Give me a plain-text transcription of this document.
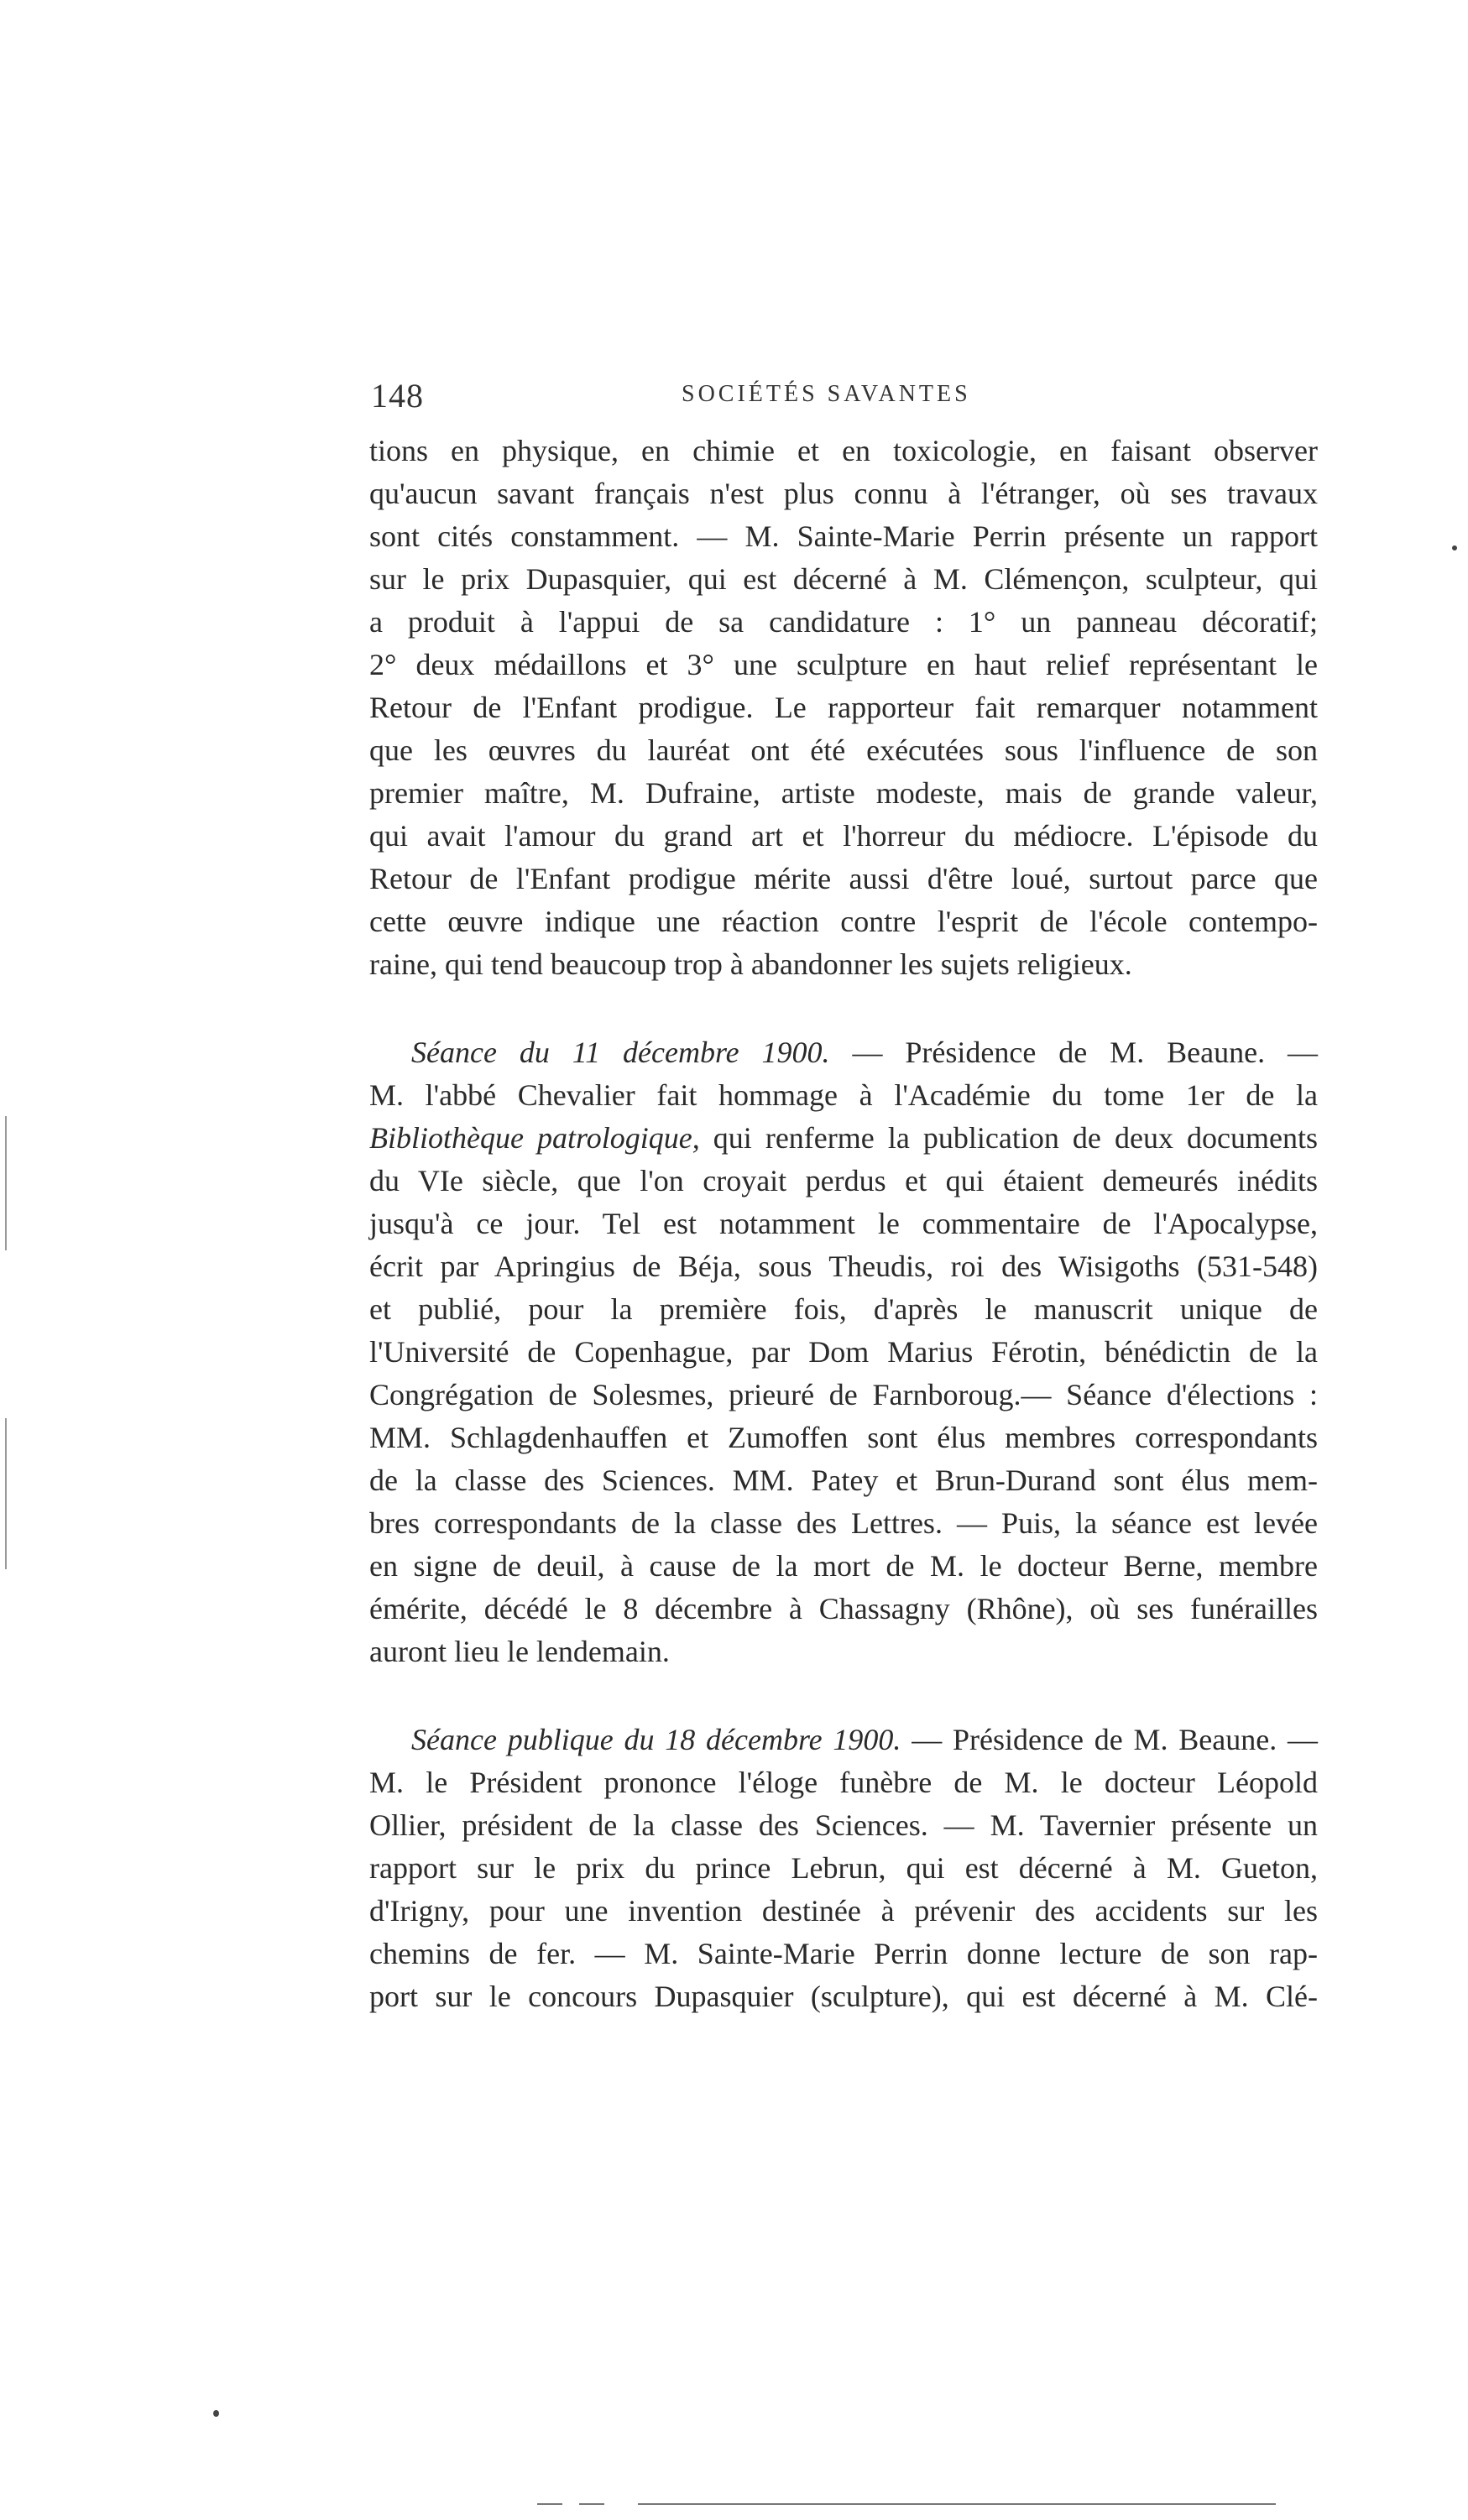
148	SOCIÉTÉS SAVANTES
tions en physique, en chimie et en toxicologie, en faisant observer
qu'aucun savant français n'est plus connu à l'étranger, où ses travaux
sont cités constamment. — M. Sainte-Marie Perrin présente un rapport
sur le prix Dupasquier, qui est décerné à M. Clémençon, sculpteur, qui
a produit à l'appui de sa candidature : 1° un panneau décoratif;
2° deux médaillons et 3° une sculpture en haut relief représentant le
Retour de l'Enfant prodigue. Le rapporteur fait remarquer notamment
que les œuvres du lauréat ont été exécutées sous l'influence de son
premier maître, M. Dufraine, artiste modeste, mais de grande valeur,
qui avait l'amour du grand art et l'horreur du médiocre. L'épisode du
Retour de l'Enfant prodigue mérite aussi d'être loué, surtout parce que
cette œuvre indique une réaction contre l'esprit de l'école contempo-
raine, qui tend beaucoup trop à abandonner les sujets religieux.
Séance du 11 décembre 1900. — Présidence de M. Beaune. —
M. l'abbé Chevalier fait hommage à l'Académie du tome 1er de la
Bibliothèque patrologique, qui renferme la publication de deux documents
du VIe siècle, que l'on croyait perdus et qui étaient demeurés inédits
jusqu'à ce jour. Tel est notamment le commentaire de l'Apocalypse,
écrit par Apringius de Béja, sous Theudis, roi des Wisigoths (531-548)
et publié, pour la première fois, d'après le manuscrit unique de
l'Université de Copenhague, par Dom Marius Férotin, bénédictin de la
Congrégation de Solesmes, prieuré de Farnboroug.— Séance d'élections :
MM. Schlagdenhauffen et Zumoffen sont élus membres correspondants
de la classe des Sciences. MM. Patey et Brun-Durand sont élus mem-
bres correspondants de la classe des Lettres. — Puis, la séance est levée
en signe de deuil, à cause de la mort de M. le docteur Berne, membre
émérite, décédé le 8 décembre à Chassagny (Rhône), où ses funérailles
auront lieu le lendemain.
Séance publique du 18 décembre 1900. — Présidence de M. Beaune. —
M. le Président prononce l'éloge funèbre de M. le docteur Léopold
Ollier, président de la classe des Sciences. — M. Tavernier présente un
rapport sur le prix du prince Lebrun, qui est décerné à M. Gueton,
d'Irigny, pour une invention destinée à prévenir des accidents sur les
chemins de fer. — M. Sainte-Marie Perrin donne lecture de son rap-
port sur le concours Dupasquier (sculpture), qui est décerné à M. Clé-
